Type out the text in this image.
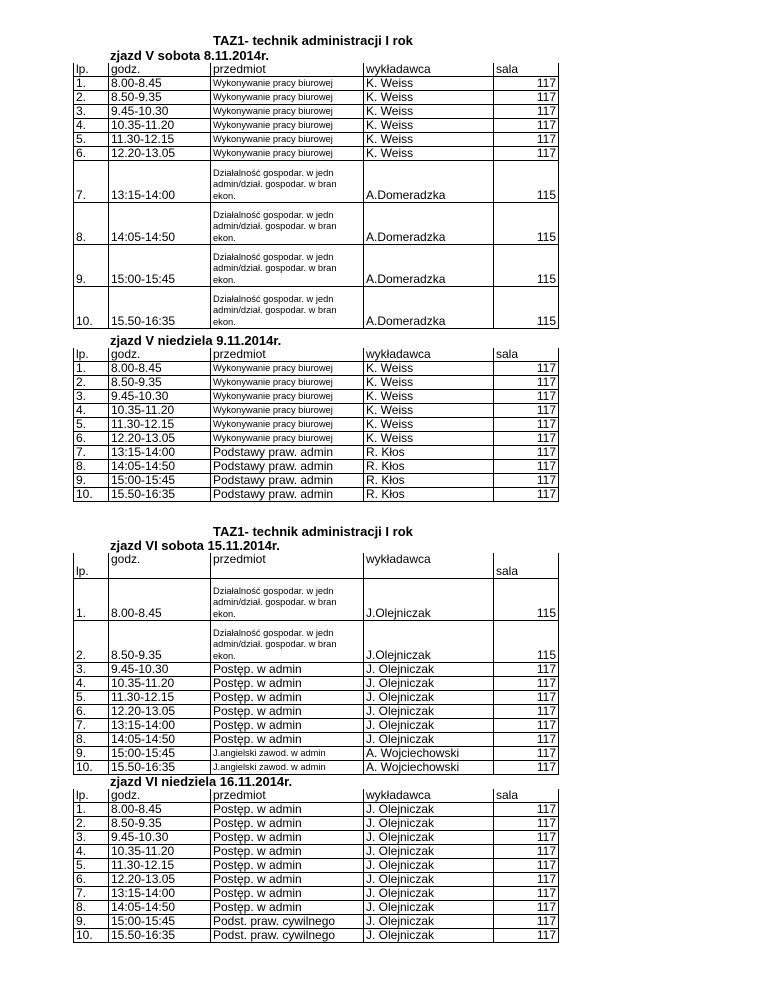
TAZ1- technik administracji I rok
zjazd V sobota 8.11.2014r.
lp.	godz.	przedmiot	wykładawca	sala
1.	8.00-8.45	Wykonywanie pracy biurowej	K. Weiss	117
2.	8.50-9.35	Wykonywanie pracy biurowej	K. Weiss	117
3.	9.45-10.30	Wykonywanie pracy biurowej	K. Weiss	117
4.	10.35-11.20	Wykonywanie pracy biurowej	K. Weiss	117
5.	11.30-12.15	Wykonywanie pracy biurowej	K. Weiss	117
6.	12.20-13.05	Wykonywanie pracy biurowej	K. Weiss	117
7.	13:15-14:00	Działalność gospodar. w jedn admin/dział. gospodar. w bran ekon.	A.Domeradzka	115
8.	14:05-14:50	Działalność gospodar. w jedn admin/dział. gospodar. w bran ekon.	A.Domeradzka	115
9.	15:00-15:45	Działalność gospodar. w jedn admin/dział. gospodar. w bran ekon.	A.Domeradzka	115
10.	15.50-16:35	Działalność gospodar. w jedn admin/dział. gospodar. w bran ekon.	A.Domeradzka	115
zjazd V niedziela 9.11.2014r.
lp.	godz.	przedmiot	wykładawca	sala
1.	8.00-8.45	Wykonywanie pracy biurowej	K. Weiss	117
2.	8.50-9.35	Wykonywanie pracy biurowej	K. Weiss	117
3.	9.45-10.30	Wykonywanie pracy biurowej	K. Weiss	117
4.	10.35-11.20	Wykonywanie pracy biurowej	K. Weiss	117
5.	11.30-12.15	Wykonywanie pracy biurowej	K. Weiss	117
6.	12.20-13.05	Wykonywanie pracy biurowej	K. Weiss	117
7.	13:15-14:00	Podstawy praw. admin	R. Kłos	117
8.	14:05-14:50	Podstawy praw. admin	R. Kłos	117
9.	15:00-15:45	Podstawy praw. admin	R. Kłos	117
10.	15.50-16:35	Podstawy praw. admin	R. Kłos	117
TAZ1- technik administracji I rok
zjazd VI sobota 15.11.2014r.
lp.	godz.	przedmiot	wykładawca	sala
1.	8.00-8.45	Działalność gospodar. w jedn admin/dział. gospodar. w bran ekon.	J.Olejniczak	115
2.	8.50-9.35	Działalność gospodar. w jedn admin/dział. gospodar. w bran ekon.	J.Olejniczak	115
3.	9.45-10.30	Postęp. w admin	J. Olejniczak	117
4.	10.35-11.20	Postęp. w admin	J. Olejniczak	117
5.	11.30-12.15	Postęp. w admin	J. Olejniczak	117
6.	12.20-13.05	Postęp. w admin	J. Olejniczak	117
7.	13:15-14:00	Postęp. w admin	J. Olejniczak	117
8.	14:05-14:50	Postęp. w admin	J. Olejniczak	117
9.	15:00-15:45	J.angielski zawod. w admin	A. Wojciechowski	117
10.	15.50-16:35	J.angielski zawod. w admin	A. Wojciechowski	117
zjazd VI niedziela 16.11.2014r.
lp.	godz.	przedmiot	wykładawca	sala
1.	8.00-8.45	Postęp. w admin	J. Olejniczak	117
2.	8.50-9.35	Postęp. w admin	J. Olejniczak	117
3.	9.45-10.30	Postęp. w admin	J. Olejniczak	117
4.	10.35-11.20	Postęp. w admin	J. Olejniczak	117
5.	11.30-12.15	Postęp. w admin	J. Olejniczak	117
6.	12.20-13.05	Postęp. w admin	J. Olejniczak	117
7.	13:15-14:00	Postęp. w admin	J. Olejniczak	117
8.	14:05-14:50	Postęp. w admin	J. Olejniczak	117
9.	15:00-15:45	Podst. praw. cywilnego	J. Olejniczak	117
10.	15.50-16:35	Podst. praw. cywilnego	J. Olejniczak	117
